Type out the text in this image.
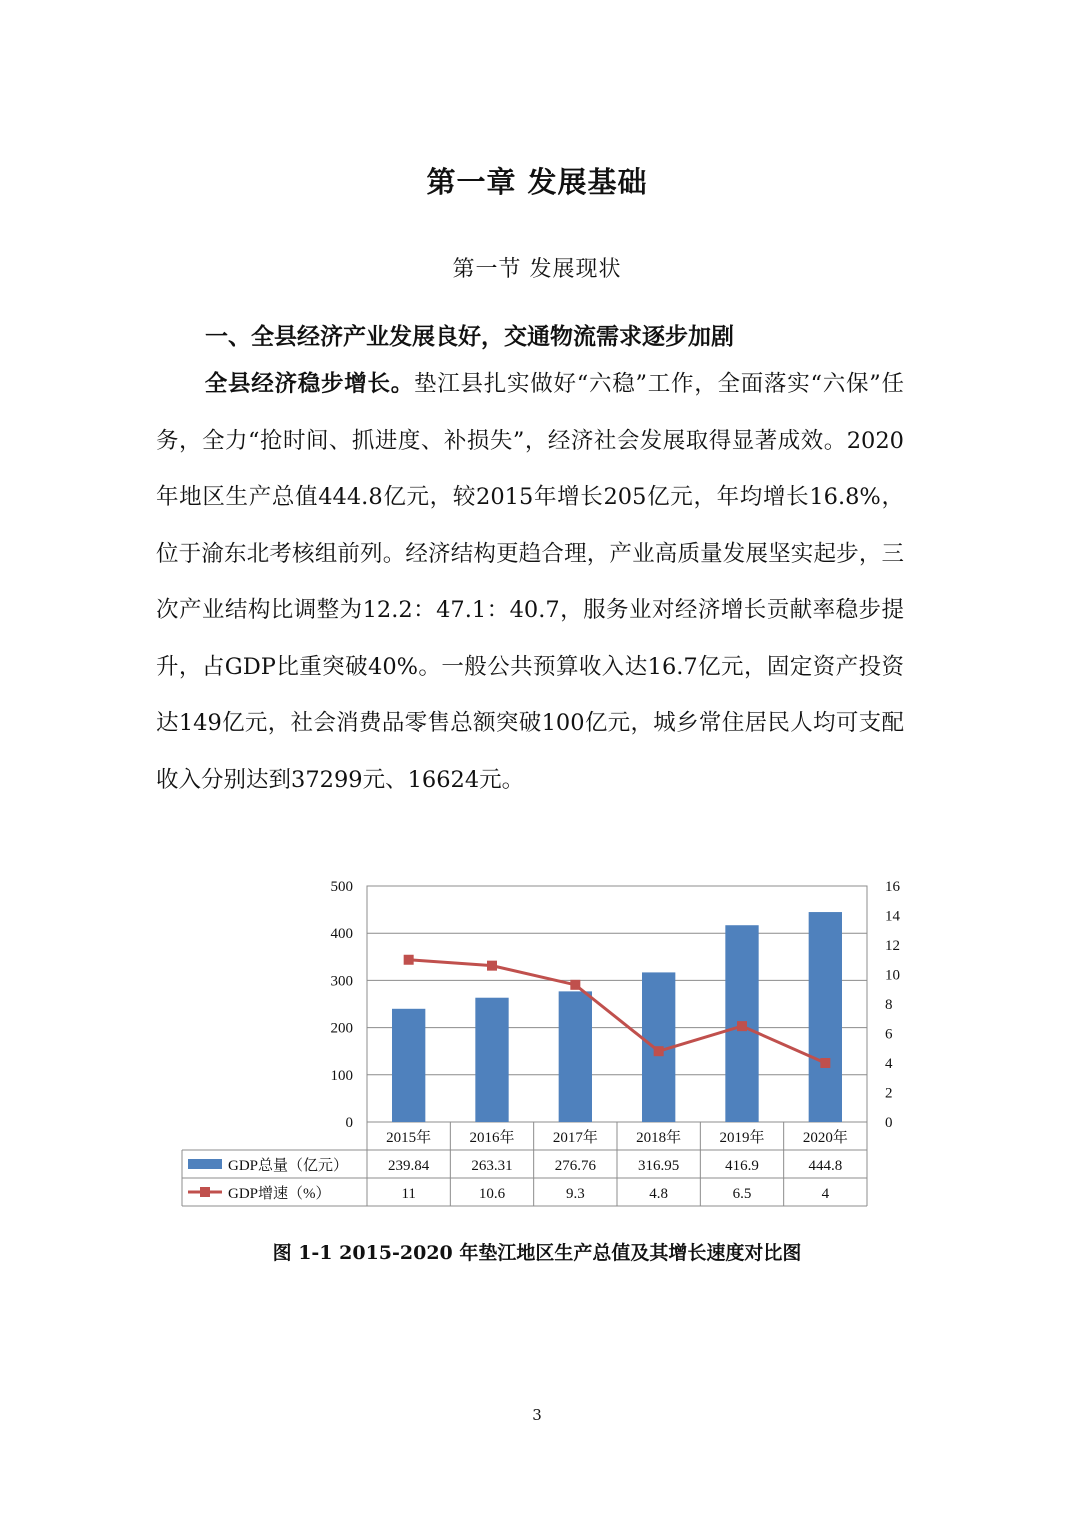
第一章 发展基础
第一节 发展现状
一、全县经济产业发展良好，交通物流需求逐步加剧

全县经济稳步增长。垫江县扎实做好“六稳”工作，全面落实“六保”任务，全力“抢时间、抓进度、补损失”，经济社会发展取得显著成效。2020年地区生产总值444.8亿元，较2015年增长205亿元，年均增长16.8%，位于渝东北考核组前列。经济结构更趋合理，产业高质量发展坚实起步，三次产业结构比调整为12.2：47.1：40.7，服务业对经济增长贡献率稳步提升，占GDP比重突破40%。一般公共预算收入达16.7亿元，固定资产投资达149亿元，社会消费品零售总额突破100亿元，城乡常住居民人均可支配收入分别达到37299元、16624元。

0
100
200
300
400
500
0
2
4
6
8
10
12
14
16
2015年
239.84
11
2016年
263.31
10.6
2017年
276.76
9.3
2018年
316.95
4.8
2019年
416.9
6.5
2020年
444.8
4
GDP总量（亿元）
GDP增速（%）
图 1-1 2015-2020 年垫江地区生产总值及其增长速度对比图
3
